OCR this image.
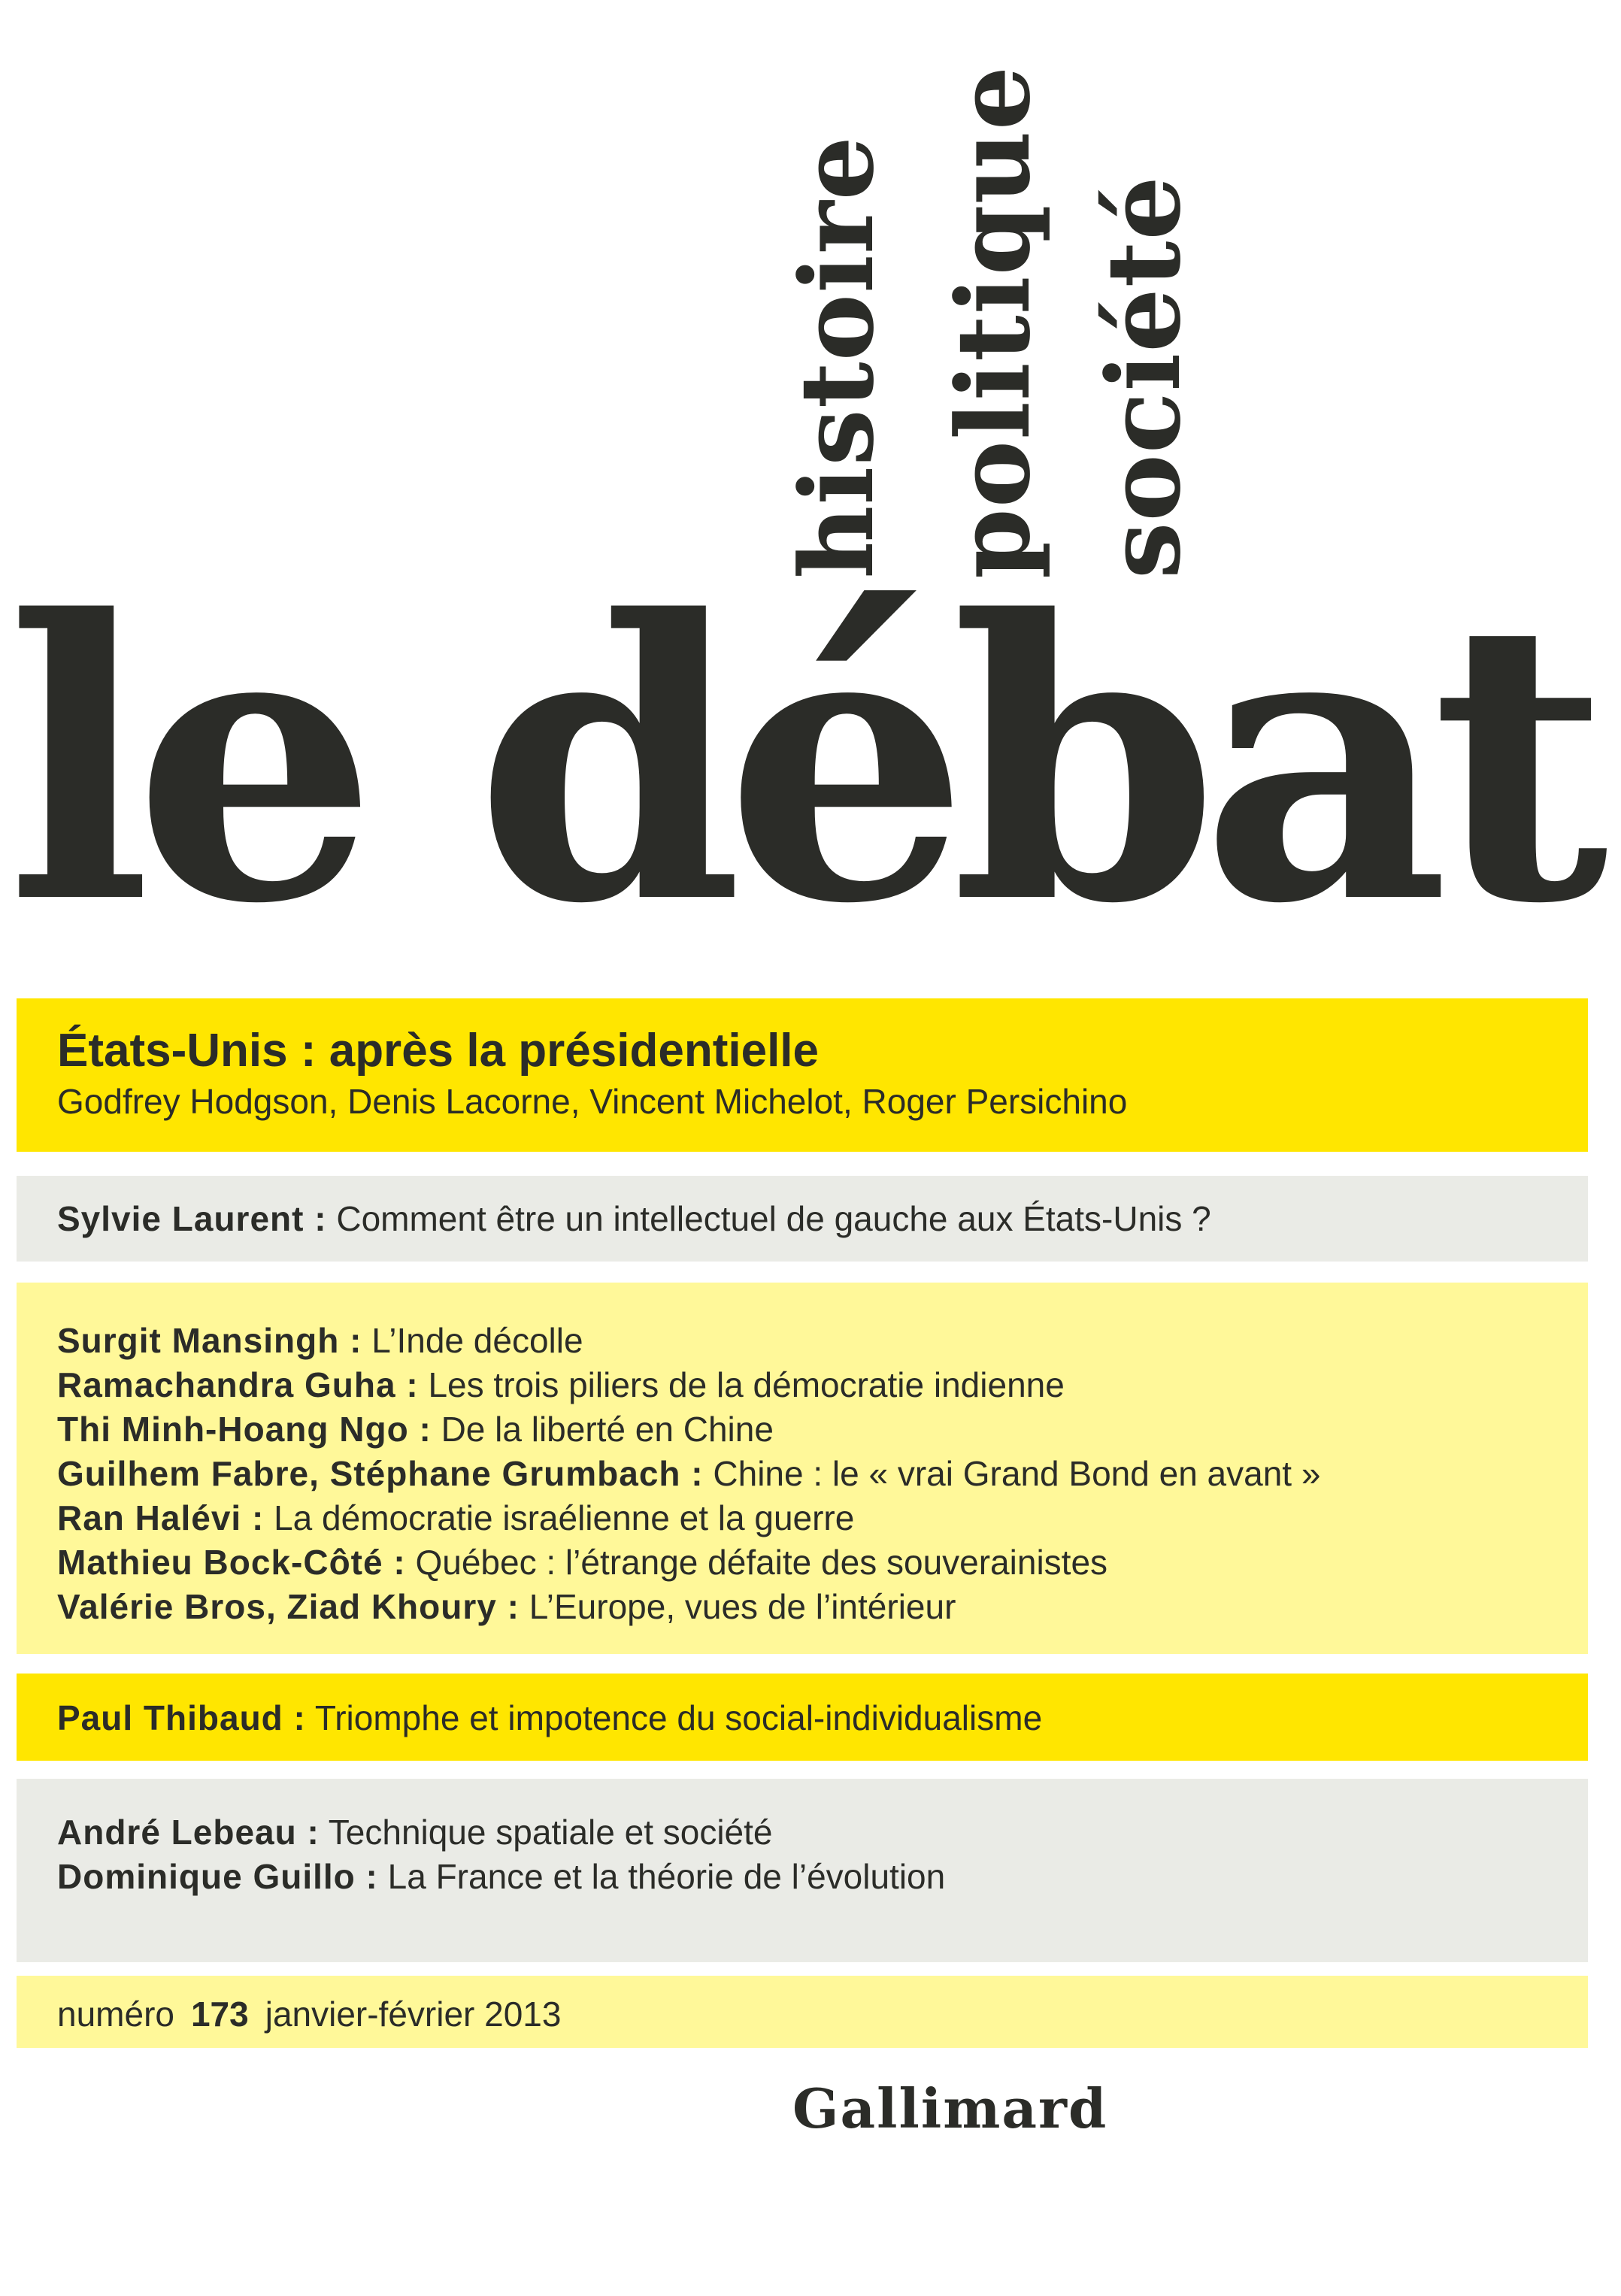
histoire politique société
le débat
États-Unis : après la présidentielle
Godfrey Hodgson, Denis Lacorne, Vincent Michelot, Roger Persichino
Sylvie Laurent : Comment être un intellectuel de gauche aux États-Unis ?
Surgit Mansingh : L’Inde décolle
Ramachandra Guha : Les trois piliers de la démocratie indienne
Thi Minh-Hoang Ngo : De la liberté en Chine
Guilhem Fabre, Stéphane Grumbach : Chine : le « vrai Grand Bond en avant »
Ran Halévi : La démocratie israélienne et la guerre
Mathieu Bock-Côté : Québec : l’étrange défaite des souverainistes
Valérie Bros, Ziad Khoury : L’Europe, vues de l’intérieur
Paul Thibaud : Triomphe et impotence du social-individualisme
André Lebeau : Technique spatiale et société
Dominique Guillo : La France et la théorie de l’évolution
numéro 173 janvier-février 2013
Gallimard
